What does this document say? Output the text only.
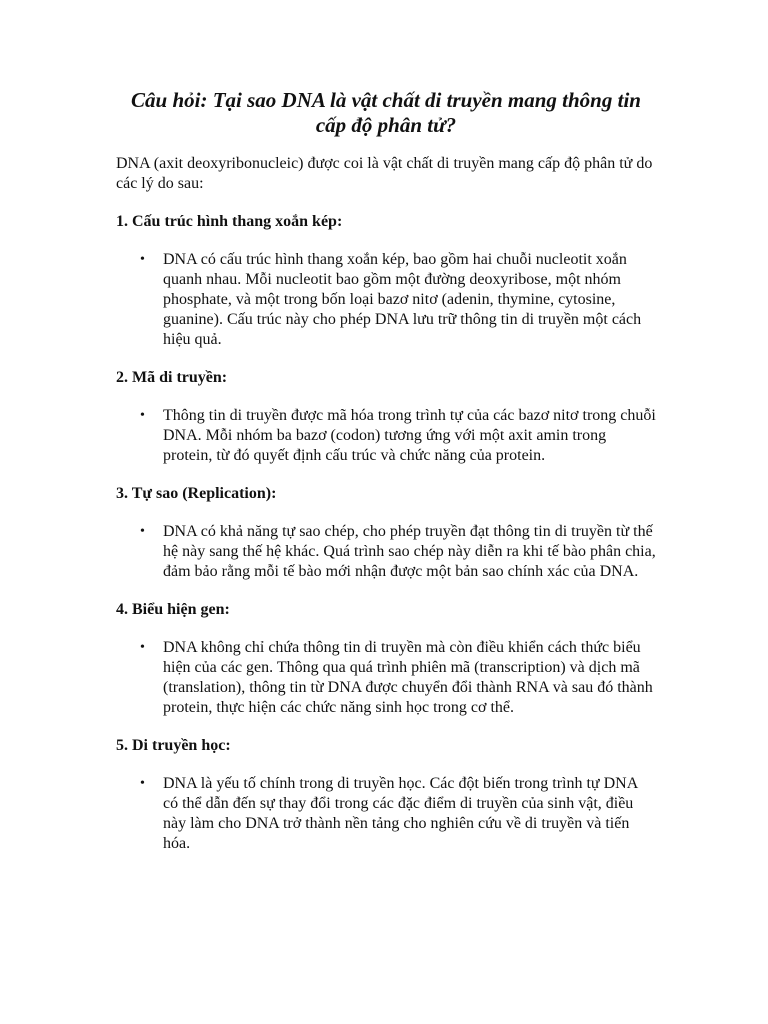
Câu hỏi: Tại sao DNA là vật chất di truyền mang thông tin cấp độ phân tử?

DNA (axit deoxyribonucleic) được coi là vật chất di truyền mang cấp độ phân tử do các lý do sau:

1. Cấu trúc hình thang xoắn kép:
• DNA có cấu trúc hình thang xoắn kép, bao gồm hai chuỗi nucleotit xoắn quanh nhau. Mỗi nucleotit bao gồm một đường deoxyribose, một nhóm phosphate, và một trong bốn loại bazơ nitơ (adenin, thymine, cytosine, guanine). Cấu trúc này cho phép DNA lưu trữ thông tin di truyền một cách hiệu quả.
2. Mã di truyền:
• Thông tin di truyền được mã hóa trong trình tự của các bazơ nitơ trong chuỗi DNA. Mỗi nhóm ba bazơ (codon) tương ứng với một axit amin trong protein, từ đó quyết định cấu trúc và chức năng của protein.
3. Tự sao (Replication):
• DNA có khả năng tự sao chép, cho phép truyền đạt thông tin di truyền từ thế hệ này sang thế hệ khác. Quá trình sao chép này diễn ra khi tế bào phân chia, đảm bảo rằng mỗi tế bào mới nhận được một bản sao chính xác của DNA.
4. Biểu hiện gen:
• DNA không chỉ chứa thông tin di truyền mà còn điều khiển cách thức biểu hiện của các gen. Thông qua quá trình phiên mã (transcription) và dịch mã (translation), thông tin từ DNA được chuyển đổi thành RNA và sau đó thành protein, thực hiện các chức năng sinh học trong cơ thể.
5. Di truyền học:
• DNA là yếu tố chính trong di truyền học. Các đột biến trong trình tự DNA có thể dẫn đến sự thay đổi trong các đặc điểm di truyền của sinh vật, điều này làm cho DNA trở thành nền tảng cho nghiên cứu về di truyền và tiến hóa.
